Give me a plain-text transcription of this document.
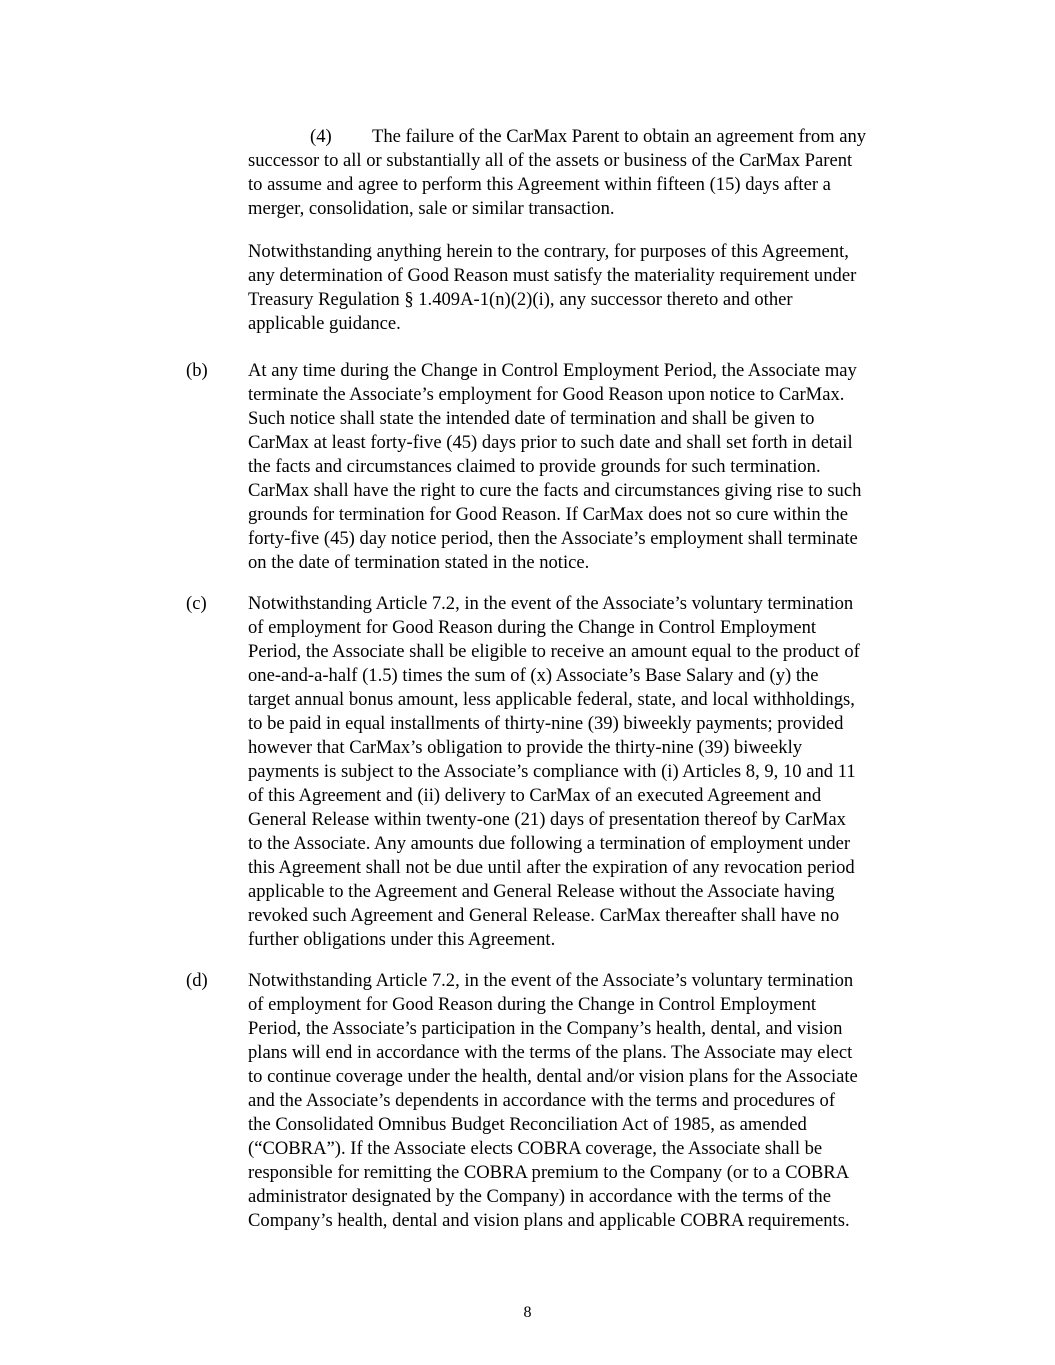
(4) The failure of the CarMax Parent to obtain an agreement from any
successor to all or substantially all of the assets or business of the CarMax Parent
to assume and agree to perform this Agreement within fifteen (15) days after a
merger, consolidation, sale or similar transaction.
Notwithstanding anything herein to the contrary, for purposes of this Agreement,
any determination of Good Reason must satisfy the materiality requirement under
Treasury Regulation § 1.409A-1(n)(2)(i), any successor thereto and other
applicable guidance.
(b) At any time during the Change in Control Employment Period, the Associate may
terminate the Associate’s employment for Good Reason upon notice to CarMax.
Such notice shall state the intended date of termination and shall be given to
CarMax at least forty-five (45) days prior to such date and shall set forth in detail
the facts and circumstances claimed to provide grounds for such termination.
CarMax shall have the right to cure the facts and circumstances giving rise to such
grounds for termination for Good Reason. If CarMax does not so cure within the
forty-five (45) day notice period, then the Associate’s employment shall terminate
on the date of termination stated in the notice.
(c) Notwithstanding Article 7.2, in the event of the Associate’s voluntary termination
of employment for Good Reason during the Change in Control Employment
Period, the Associate shall be eligible to receive an amount equal to the product of
one-and-a-half (1.5) times the sum of (x) Associate’s Base Salary and (y) the
target annual bonus amount, less applicable federal, state, and local withholdings,
to be paid in equal installments of thirty-nine (39) biweekly payments; provided
however that CarMax’s obligation to provide the thirty-nine (39) biweekly
payments is subject to the Associate’s compliance with (i) Articles 8, 9, 10 and 11
of this Agreement and (ii) delivery to CarMax of an executed Agreement and
General Release within twenty-one (21) days of presentation thereof by CarMax
to the Associate. Any amounts due following a termination of employment under
this Agreement shall not be due until after the expiration of any revocation period
applicable to the Agreement and General Release without the Associate having
revoked such Agreement and General Release. CarMax thereafter shall have no
further obligations under this Agreement.
(d) Notwithstanding Article 7.2, in the event of the Associate’s voluntary termination
of employment for Good Reason during the Change in Control Employment
Period, the Associate’s participation in the Company’s health, dental, and vision
plans will end in accordance with the terms of the plans. The Associate may elect
to continue coverage under the health, dental and/or vision plans for the Associate
and the Associate’s dependents in accordance with the terms and procedures of
the Consolidated Omnibus Budget Reconciliation Act of 1985, as amended
(“COBRA”). If the Associate elects COBRA coverage, the Associate shall be
responsible for remitting the COBRA premium to the Company (or to a COBRA
administrator designated by the Company) in accordance with the terms of the
Company’s health, dental and vision plans and applicable COBRA requirements.
8
